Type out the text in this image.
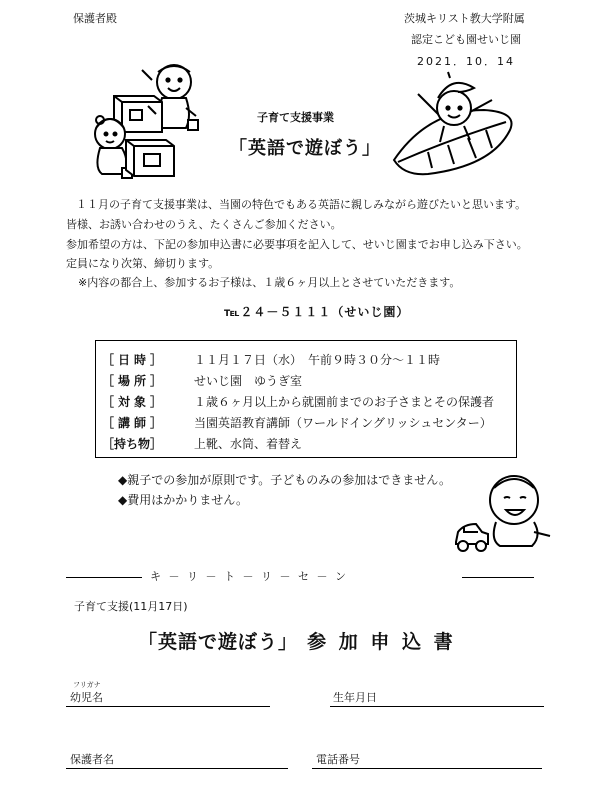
保護者殿	茨城キリスト教大学附属
認定こども園せいじ園
2021．10．14
子育て支援事業
「英語で遊ぼう」
１１月の子育て支援事業は、当園の特色でもある英語に親しみながら遊びたいと思います。
皆様、お誘い合わせのうえ、たくさんご参加ください。
参加希望の方は、下記の参加申込書に必要事項を記入して、せいじ園までお申し込み下さい。
定員になり次第、締切ります。
※内容の都合上、参加するお子様は、１歳６ヶ月以上とさせていただきます。
℡２４－５１１１（せいじ園）
［日時］ １１月１７日（水）　午前９時３０分～１１時
［場所］ せいじ園　ゆうぎ室
［対象］ １歳６ヶ月以上から就園前までのお子さまとその保護者
［講師］ 当園英語教育講師（ワールドイングリッシュセンター）
［持ち物］	上靴、水筒、着替え
◆親子での参加が原則です。子どものみの参加はできません。
◆費用はかかりません。
キ － リ － ト － リ － セ － ン
子育て支援(11月17日)
「英語で遊ぼう」 参 加 申 込 書
フリガナ
幼児名	生年月日
保護者名	電話番号
